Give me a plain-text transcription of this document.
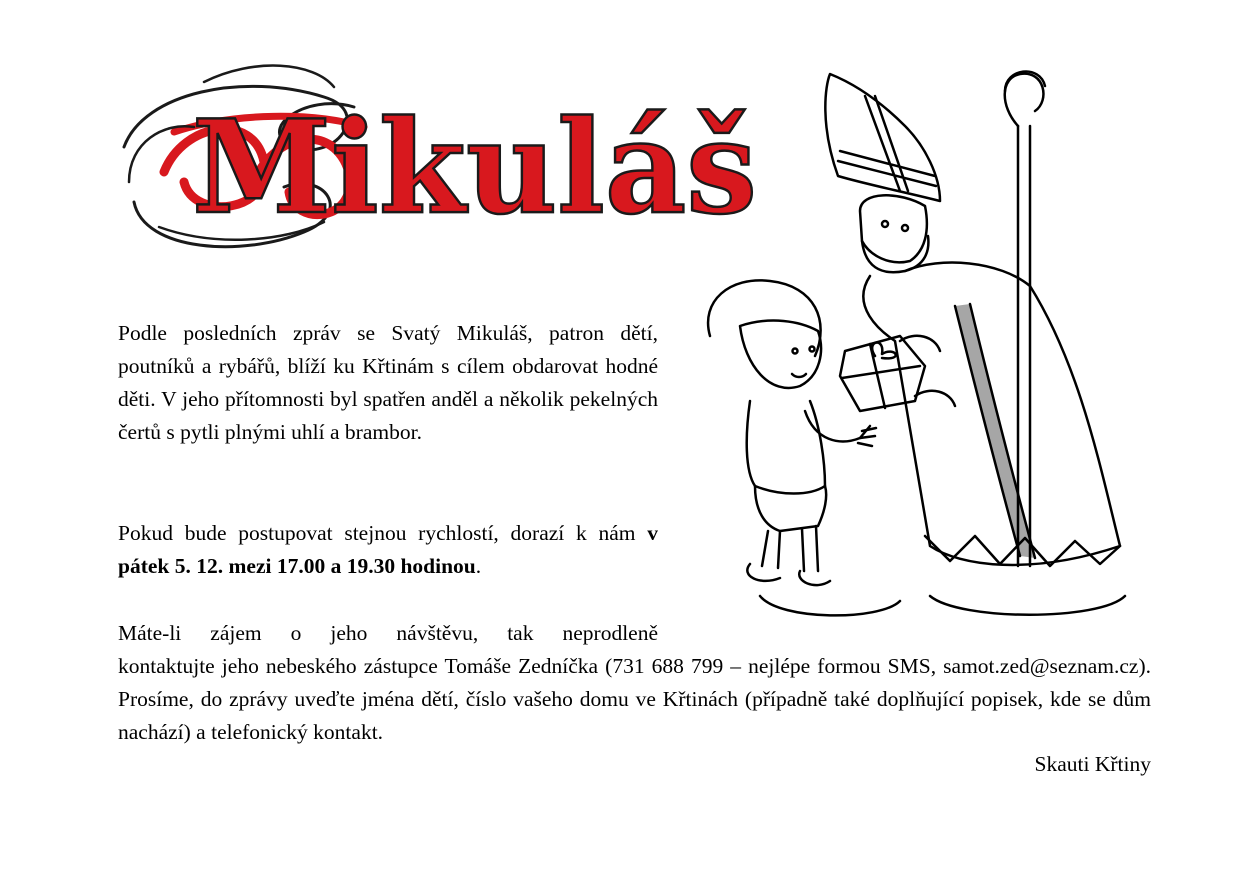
Mikuláš

Podle posledních zpráv se Svatý Mikuláš, patron dětí, poutníků a rybářů, blíží ku Křtinám s cílem obdarovat hodné děti. V jeho přítomnosti byl spatřen anděl a několik pekelných čertů s pytli plnými uhlí a brambor.

Pokud bude postupovat stejnou rychlostí, dorazí k nám v pátek 5. 12. mezi 17.00 a 19.30 hodinou.

Máte-li zájem o jeho návštěvu, tak neprodleně
kontaktujte jeho nebeského zástupce Tomáše Zedníčka (731 688 799 – nejlépe formou SMS, samot.zed@seznam.cz). Prosíme, do zprávy uveďte jména dětí, číslo vašeho domu ve Křtinách (případně také doplňující popisek, kde se dům nachází) a telefonický kontakt.

Skauti Křtiny
